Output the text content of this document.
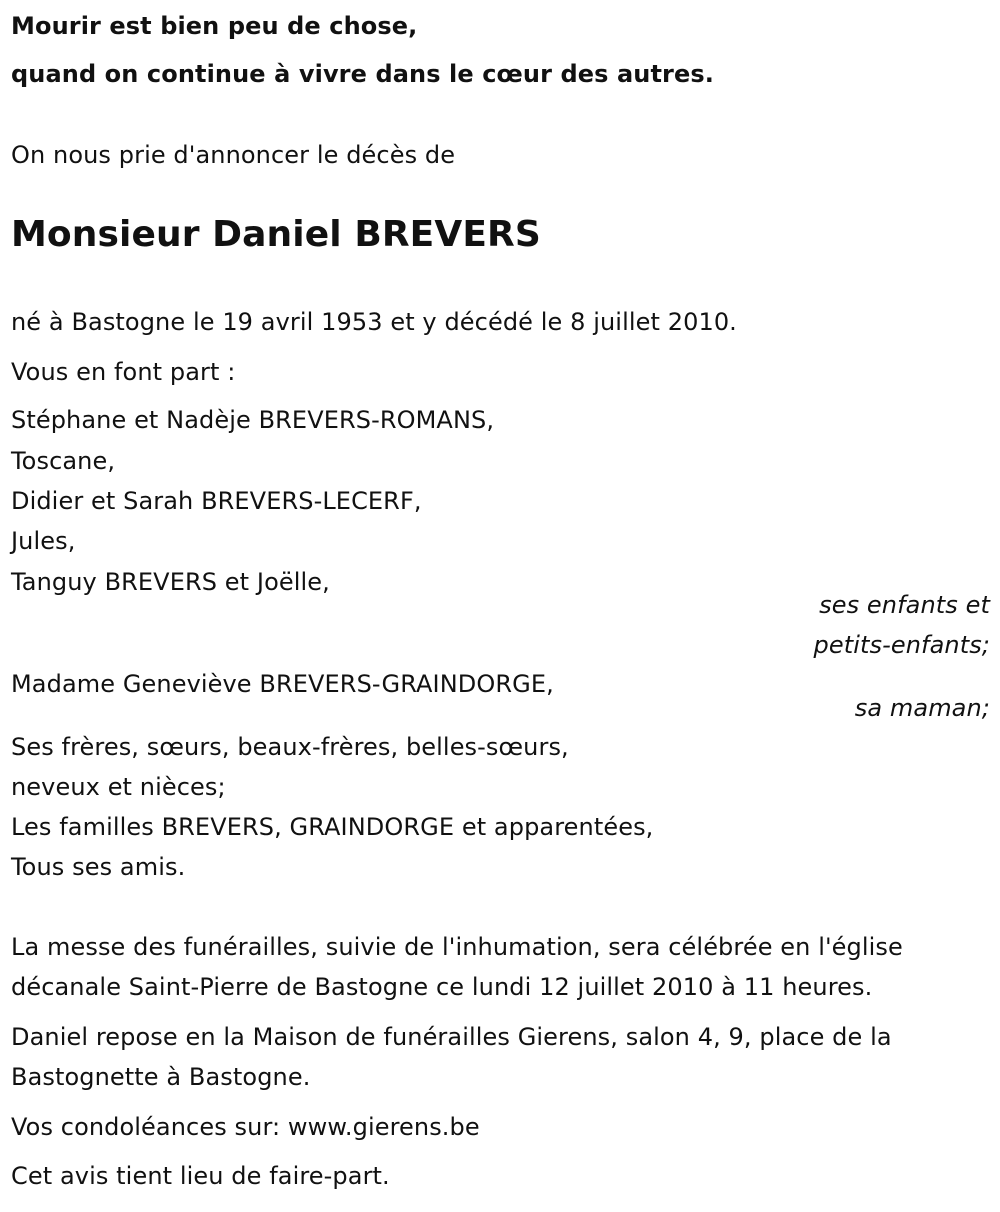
Mourir est bien peu de chose,
quand on continue à vivre dans le cœur des autres.
On nous prie d'annoncer le décès de
Monsieur Daniel BREVERS
né à Bastogne le 19 avril 1953 et y décédé le 8 juillet 2010.
Vous en font part :
Stéphane et Nadèje BREVERS-ROMANS,
Toscane,
Didier et Sarah BREVERS-LECERF,
Jules,
Tanguy BREVERS et Joëlle,
ses enfants et
petits-enfants;
Madame Geneviève BREVERS-GRAINDORGE,
sa maman;
Ses frères, sœurs, beaux-frères, belles-sœurs,
neveux et nièces;
Les familles BREVERS, GRAINDORGE et apparentées,
Tous ses amis.
La messe des funérailles, suivie de l'inhumation, sera célébrée en l'église
décanale Saint-Pierre de Bastogne ce lundi 12 juillet 2010 à 11 heures.
Daniel repose en la Maison de funérailles Gierens, salon 4, 9, place de la
Bastognette à Bastogne.
Vos condoléances sur: www.gierens.be
Cet avis tient lieu de faire-part.
